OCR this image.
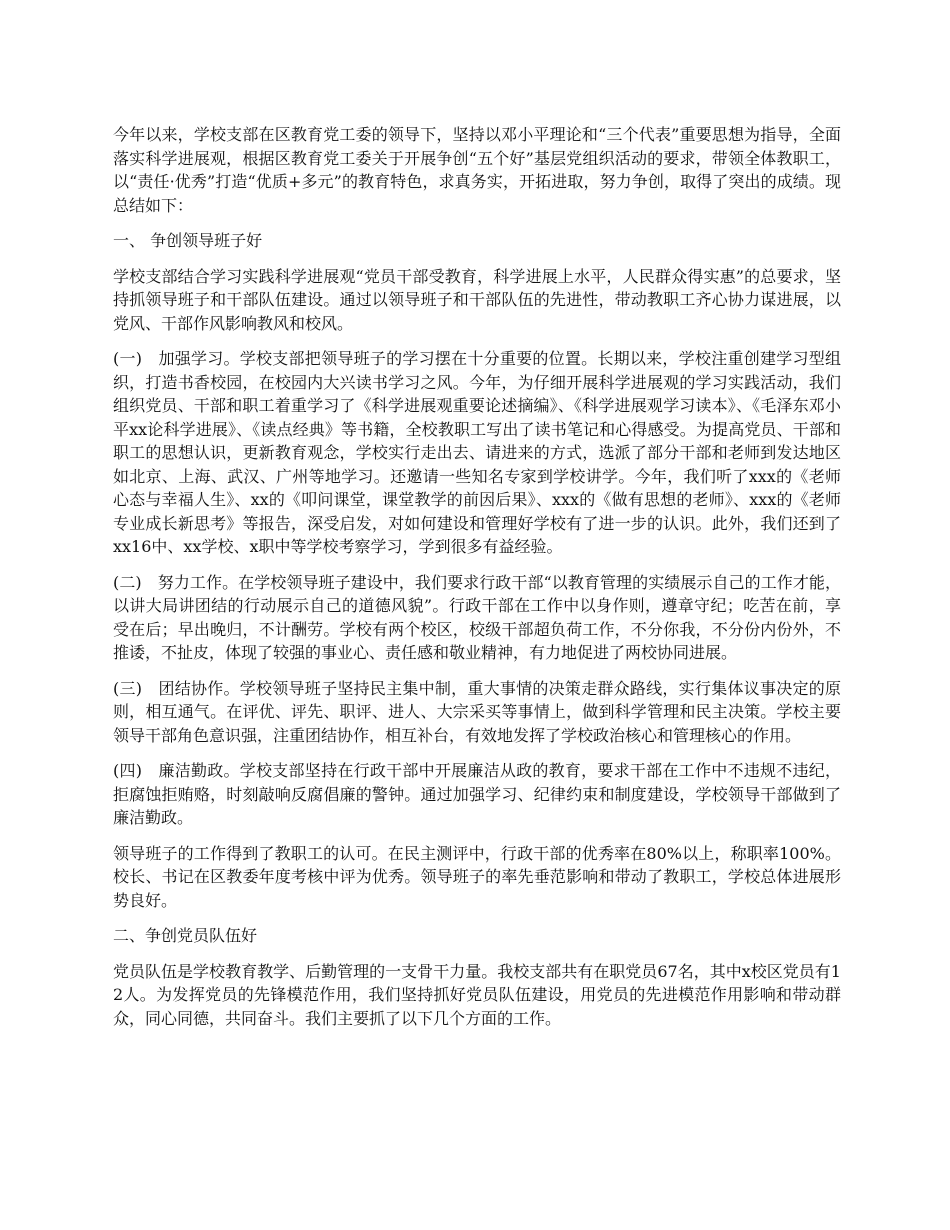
今年以来，学校支部在区教育党工委的领导下，坚持以邓小平理论和“三个代表”重要思想为指导，全面落实科学进展观，根据区教育党工委关于开展争创“五个好”基层党组织活动的要求，带领全体教职工，以“责任·优秀”打造“优质+多元”的教育特色，求真务实，开拓进取，努力争创，取得了突出的成绩。现总结如下：

一、 争创领导班子好

学校支部结合学习实践科学进展观“党员干部受教育，科学进展上水平，人民群众得实惠”的总要求，坚持抓领导班子和干部队伍建设。通过以领导班子和干部队伍的先进性，带动教职工齐心协力谋进展，以党风、干部作风影响教风和校风。

(一)　加强学习。学校支部把领导班子的学习摆在十分重要的位置。长期以来，学校注重创建学习型组织，打造书香校园，在校园内大兴读书学习之风。今年，为仔细开展科学进展观的学习实践活动，我们组织党员、干部和职工着重学习了《科学进展观重要论述摘编》、《科学进展观学习读本》、《毛泽东邓小平xx论科学进展》、《读点经典》等书籍，全校教职工写出了读书笔记和心得感受。为提高党员、干部和职工的思想认识，更新教育观念，学校实行走出去、请进来的方式，选派了部分干部和老师到发达地区如北京、上海、武汉、广州等地学习。还邀请一些知名专家到学校讲学。今年，我们听了xxx的《老师心态与幸福人生》、xx的《叩问课堂，课堂教学的前因后果》、xxx的《做有思想的老师》、xxx的《老师专业成长新思考》等报告，深受启发，对如何建设和管理好学校有了进一步的认识。此外，我们还到了xx16中、xx学校、x职中等学校考察学习，学到很多有益经验。

(二)　努力工作。在学校领导班子建设中，我们要求行政干部“以教育管理的实绩展示自己的工作才能，以讲大局讲团结的行动展示自己的道德风貌”。行政干部在工作中以身作则，遵章守纪；吃苦在前，享受在后；早出晚归，不计酬劳。学校有两个校区，校级干部超负荷工作，不分你我，不分份内份外，不推诿，不扯皮，体现了较强的事业心、责任感和敬业精神，有力地促进了两校协同进展。

(三)　团结协作。学校领导班子坚持民主集中制，重大事情的决策走群众路线，实行集体议事决定的原则，相互通气。在评优、评先、职评、进人、大宗采买等事情上，做到科学管理和民主决策。学校主要领导干部角色意识强，注重团结协作，相互补台，有效地发挥了学校政治核心和管理核心的作用。

(四)　廉洁勤政。学校支部坚持在行政干部中开展廉洁从政的教育，要求干部在工作中不违规不违纪，拒腐蚀拒贿赂，时刻敲响反腐倡廉的警钟。通过加强学习、纪律约束和制度建设，学校领导干部做到了廉洁勤政。

领导班子的工作得到了教职工的认可。在民主测评中，行政干部的优秀率在80%以上，称职率100%。校长、书记在区教委年度考核中评为优秀。领导班子的率先垂范影响和带动了教职工，学校总体进展形势良好。

二、争创党员队伍好

党员队伍是学校教育教学、后勤管理的一支骨干力量。我校支部共有在职党员67名，其中x校区党员有12人。为发挥党员的先锋模范作用，我们坚持抓好党员队伍建设，用党员的先进模范作用影响和带动群众，同心同德，共同奋斗。我们主要抓了以下几个方面的工作。
